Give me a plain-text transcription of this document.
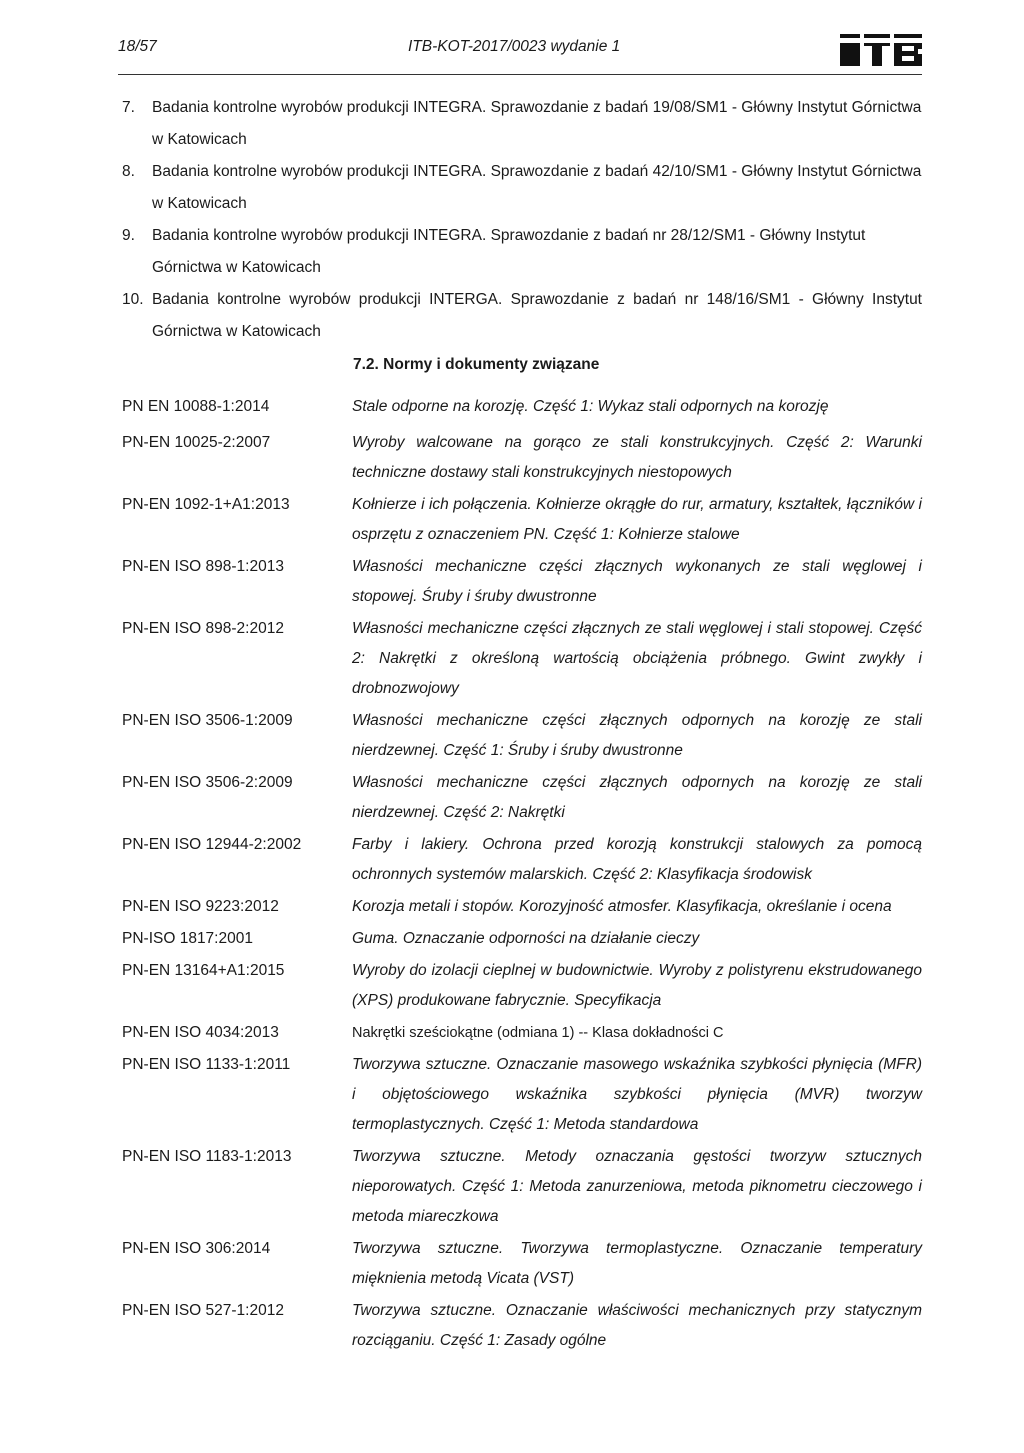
18/57	ITB-KOT-2017/0023 wydanie 1
7. Badania kontrolne wyrobów produkcji INTEGRA. Sprawozdanie z badań 19/08/SM1 - Główny Instytut Górnictwa w Katowicach
8. Badania kontrolne wyrobów produkcji INTEGRA. Sprawozdanie z badań 42/10/SM1 - Główny Instytut Górnictwa w Katowicach
9. Badania kontrolne wyrobów produkcji INTEGRA. Sprawozdanie z badań nr 28/12/SM1 - Główny Instytut Górnictwa w Katowicach
10. Badania kontrolne wyrobów produkcji INTERGA. Sprawozdanie z badań nr 148/16/SM1 - Główny Instytut Górnictwa w Katowicach
7.2. Normy i dokumenty związane
PN EN 10088-1:2014	Stale odporne na korozję. Część 1: Wykaz stali odpornych na korozję
PN-EN 10025-2:2007	Wyroby walcowane na gorąco ze stali konstrukcyjnych. Część 2: Warunki techniczne dostawy stali konstrukcyjnych niestopowych
PN-EN 1092-1+A1:2013	Kołnierze i ich połączenia. Kołnierze okrągłe do rur, armatury, kształtek, łączników i osprzętu z oznaczeniem PN. Część 1: Kołnierze stalowe
PN-EN ISO 898-1:2013	Własności mechaniczne części złącznych wykonanych ze stali węglowej i stopowej. Śruby i śruby dwustronne
PN-EN ISO 898-2:2012	Własności mechaniczne części złącznych ze stali węglowej i stali stopowej. Część 2: Nakrętki z określoną wartością obciążenia próbnego. Gwint zwykły i drobnozwojowy
PN-EN ISO 3506-1:2009	Własności mechaniczne części złącznych odpornych na korozję ze stali nierdzewnej. Część 1: Śruby i śruby dwustronne
PN-EN ISO 3506-2:2009	Własności mechaniczne części złącznych odpornych na korozję ze stali nierdzewnej. Część 2: Nakrętki
PN-EN ISO 12944-2:2002	Farby i lakiery. Ochrona przed korozją konstrukcji stalowych za pomocą ochronnych systemów malarskich. Część 2: Klasyfikacja środowisk
PN-EN ISO 9223:2012	Korozja metali i stopów. Korozyjność atmosfer. Klasyfikacja, określanie i ocena
PN-ISO 1817:2001	Guma. Oznaczanie odporności na działanie cieczy
PN-EN 13164+A1:2015	Wyroby do izolacji cieplnej w budownictwie. Wyroby z polistyrenu ekstrudowanego (XPS) produkowane fabrycznie. Specyfikacja
PN-EN ISO 4034:2013	Nakrętki sześciokątne (odmiana 1) -- Klasa dokładności C
PN-EN ISO 1133-1:2011	Tworzywa sztuczne. Oznaczanie masowego wskaźnika szybkości płynięcia (MFR) i objętościowego wskaźnika szybkości płynięcia (MVR) tworzyw termoplastycznych. Część 1: Metoda standardowa
PN-EN ISO 1183-1:2013	Tworzywa sztuczne. Metody oznaczania gęstości tworzyw sztucznych nieporowatych. Część 1: Metoda zanurzeniowa, metoda piknometru cieczowego i metoda miareczkowa
PN-EN ISO 306:2014	Tworzywa sztuczne. Tworzywa termoplastyczne. Oznaczanie temperatury mięknienia metodą Vicata (VST)
PN-EN ISO 527-1:2012	Tworzywa sztuczne. Oznaczanie właściwości mechanicznych przy statycznym rozciąganiu. Część 1: Zasady ogólne
